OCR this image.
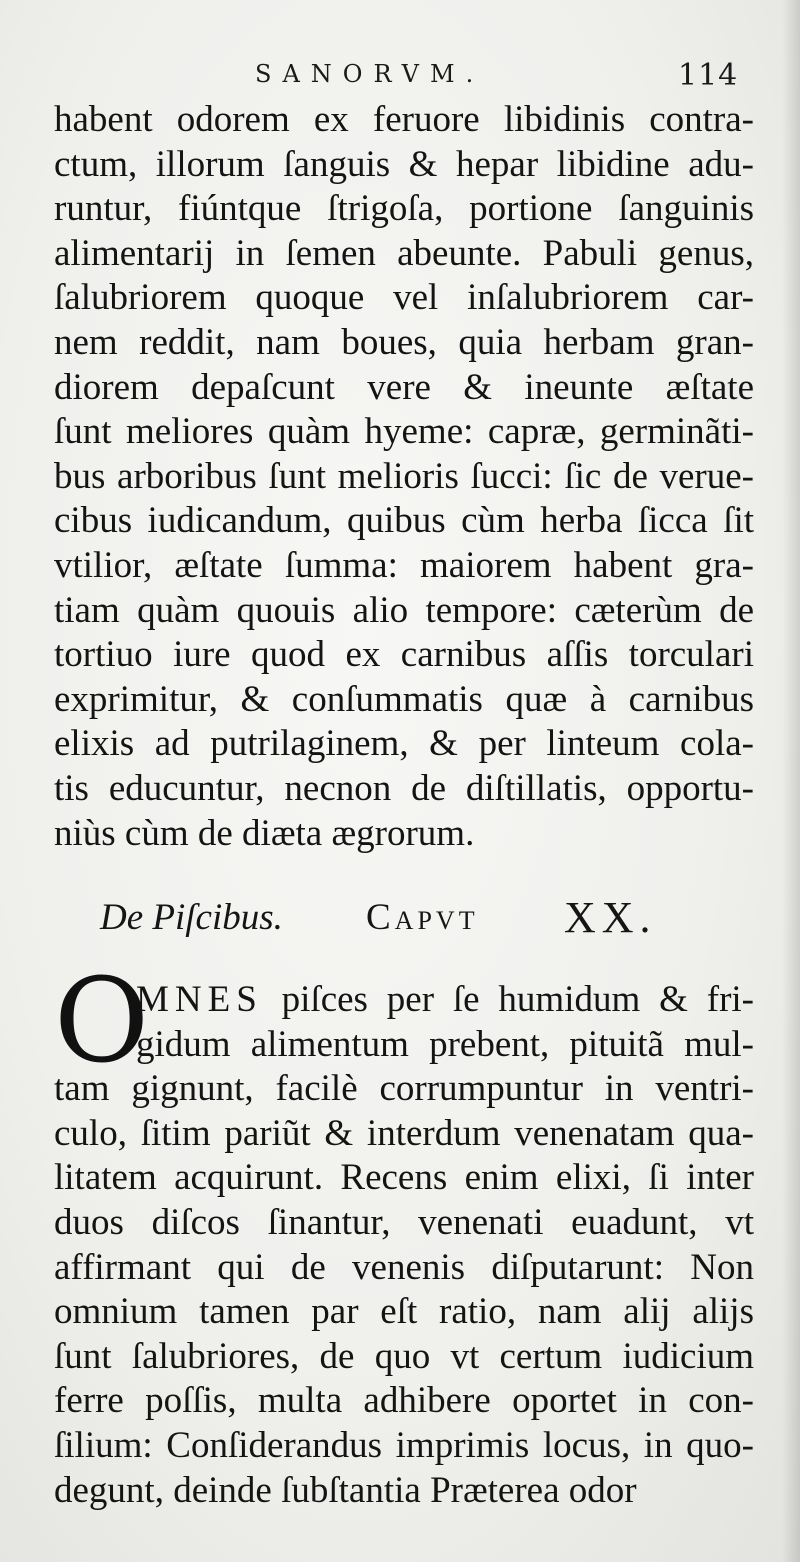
SANORVM.	114
habent odorem ex feruore libidinis contra-
ctum, illorum ſanguis & hepar libidine adu-
runtur, fiúntque ſtrigoſa, portione ſanguinis
alimentarij in ſemen abeunte. Pabuli genus,
ſalubriorem quoque vel inſalubriorem car-
nem reddit, nam boues, quia herbam gran-
diorem depaſcunt vere & ineunte æſtate
ſunt meliores quàm hyeme: capræ, germinãti-
bus arboribus ſunt melioris ſucci: ſic de verue-
cibus iudicandum, quibus cùm herba ſicca ſit
vtilior, æſtate ſumma: maiorem habent gra-
tiam quàm quouis alio tempore: cæterùm de
tortiuo iure quod ex carnibus aſſis torculari
exprimitur, & conſummatis quæ à carnibus
elixis ad putrilaginem, & per linteum cola-
tis educuntur, necnon de diſtillatis, opportu-
niùs cùm de diæta ægrorum.
De Piſcibus. Capvt XX.
O
MNES piſces per ſe humidum & fri-
gidum alimentum prebent, pituitã mul-
tam gignunt, facilè corrumpuntur in ventri-
culo, ſitim pariũt & interdum venenatam qua-
litatem acquirunt. Recens enim elixi, ſi inter
duos diſcos ſinantur, venenati euadunt, vt
affirmant qui de venenis diſputarunt: Non
omnium tamen par eſt ratio, nam alij alijs
ſunt ſalubriores, de quo vt certum iudicium
ferre poſſis, multa adhibere oportet in con-
ſilium: Conſiderandus imprimis locus, in quo-
degunt, deinde ſubſtantia Præterea odor
